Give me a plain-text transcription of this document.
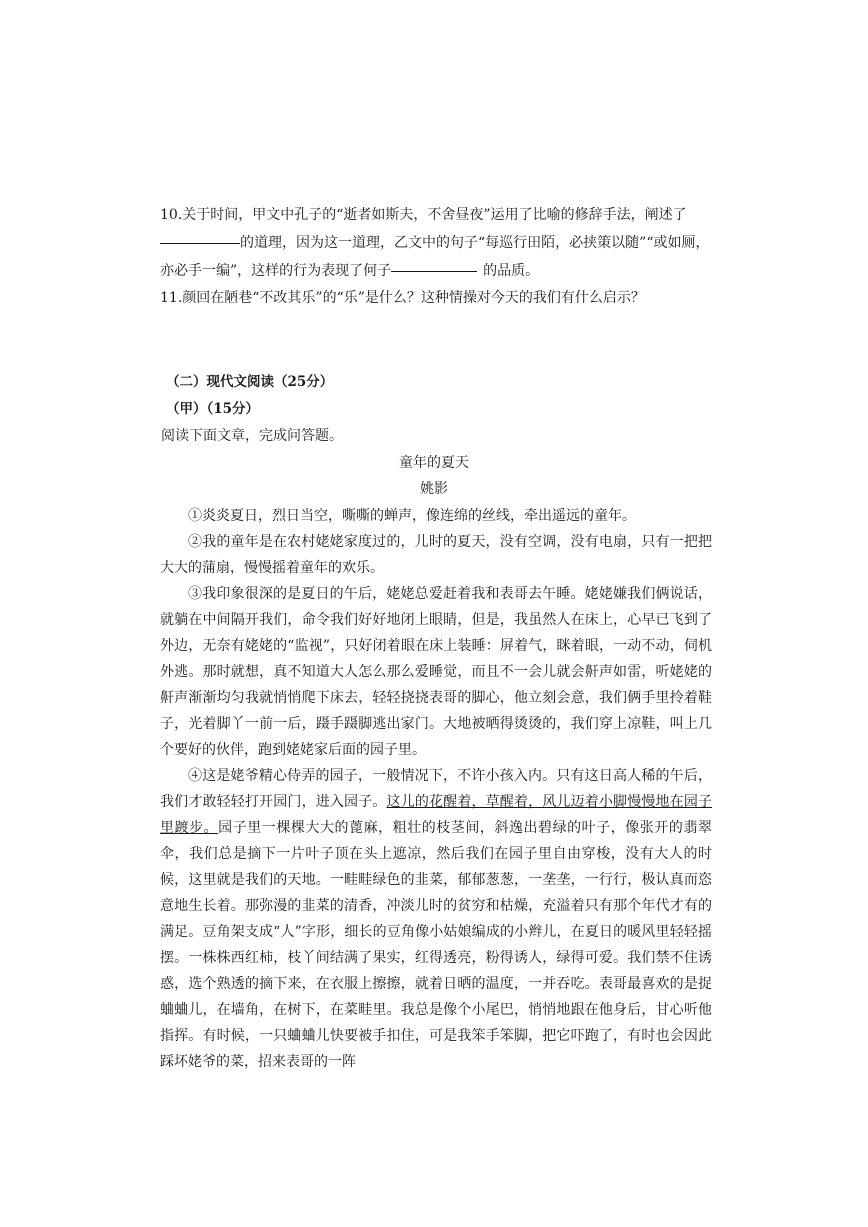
10.关于时间，甲文中孔子的“逝者如斯夫，不舍昼夜”运用了比喻的修辞手法，阐述了的道理，因为这一道理，乙文中的句子“每巡行田陌，必挟策以随”“或如厕，亦必手一编”，这样的行为表现了何子	的品质。

11.颜回在陋巷“不改其乐”的“乐”是什么？这种情操对今天的我们有什么启示？

（二）现代文阅读（25分）

（甲）（15分）

阅读下面文章，完成问答题。

童年的夏天

姚影

①炎炎夏日，烈日当空，嘶嘶的蝉声，像连绵的丝线，牵出遥远的童年。

②我的童年是在农村姥姥家度过的，儿时的夏天，没有空调，没有电扇，只有一把把大大的蒲扇，慢慢摇着童年的欢乐。

③我印象很深的是夏日的午后，姥姥总爱赶着我和表哥去午睡。姥姥嫌我们俩说话，就躺在中间隔开我们，命令我们好好地闭上眼睛，但是，我虽然人在床上，心早已飞到了外边，无奈有姥姥的“监视”，只好闭着眼在床上装睡：屏着气，眯着眼，一动不动，伺机外逃。那时就想，真不知道大人怎么那么爱睡觉，而且不一会儿就会鼾声如雷，听姥姥的鼾声渐渐均匀我就悄悄爬下床去，轻轻挠挠表哥的脚心，他立刻会意，我们俩手里拎着鞋子，光着脚丫一前一后，蹑手蹑脚逃出家门。大地被晒得烫烫的，我们穿上凉鞋，叫上几个要好的伙伴，跑到姥姥家后面的园子里。

④这是姥爷精心侍弄的园子，一般情况下，不许小孩入内。只有这日高人稀的午后，我们才敢轻轻打开园门，进入园子。这儿的花醒着，草醒着，风儿迈着小脚慢慢地在园子里踱步。园子里一棵棵大大的蓖麻，粗壮的枝茎间，斜逸出碧绿的叶子，像张开的翡翠伞，我们总是摘下一片叶子顶在头上遮凉，然后我们在园子里自由穿梭，没有大人的时候，这里就是我们的天地。一畦畦绿色的韭菜，郁郁葱葱，一垄垄，一行行，极认真而恣意地生长着。那弥漫的韭菜的清香，冲淡儿时的贫穷和枯燥，充溢着只有那个年代才有的满足。豆角架支成“人”字形，细长的豆角像小姑娘编成的小辫儿，在夏日的暖风里轻轻摇摆。一株株西红柿，枝丫间结满了果实，红得透亮，粉得诱人，绿得可爱。我们禁不住诱惑，选个熟透的摘下来，在衣服上擦擦，就着日晒的温度，一并吞吃。表哥最喜欢的是捉蛐蛐儿，在墙角，在树下，在菜畦里。我总是像个小尾巴，悄悄地跟在他身后，甘心听他指挥。有时候，一只蛐蛐儿快要被手扣住，可是我笨手笨脚，把它吓跑了，有时也会因此踩坏姥爷的菜，招来表哥的一阵
